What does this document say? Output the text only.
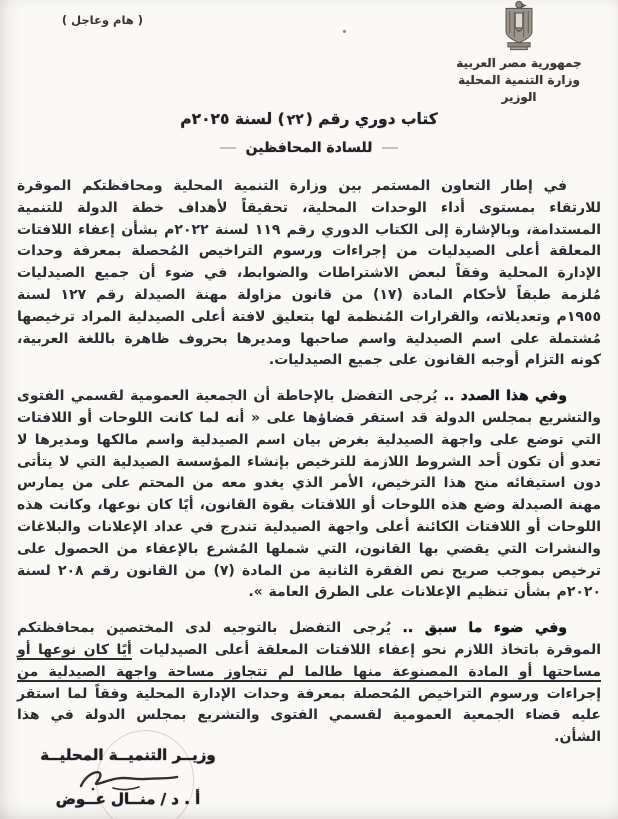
جمهورية مصر العربية
وزارة التنمية المحلية
الوزير
( هام وعاجل )
كتاب دوري رقم (٢٢) لسنة ٢٠٢٥م
للسادة المحافظين

في إطار التعاون المستمر بين وزارة التنمية المحلية ومحافظتكم الموقرة للارتقاء بمستوى أداء الوحدات المحلية، تحقيقاً لأهداف خطة الدولة للتنمية المستدامة، وبالإشارة إلى الكتاب الدوري رقم ١١٩ لسنة ٢٠٢٢م بشأن إعفاء اللافتات المعلقة أعلى الصيدليات من إجراءات ورسوم التراخيص المُحصلة بمعرفة وحدات الإدارة المحلية وفقاً لبعض الاشتراطات والضوابط، في ضوء أن جميع الصيدليات مُلزمة طبقاً لأحكام المادة (١٧) من قانون مزاولة مهنة الصيدلة رقم ١٢٧ لسنة ١٩٥٥م وتعديلاته، والقرارات المُنظمة لها بتعليق لافتة أعلى الصيدلية المراد ترخيصها مُشتملة على اسم الصيدلية واسم صاحبها ومديرها بحروف ظاهرة باللغة العربية، كونه التزام أوجبه القانون على جميع الصيدليات.

وفي هذا الصدد .. يُرجى التفضل بالإحاطة أن الجمعية العمومية لقسمي الفتوى والتشريع بمجلس الدولة قد استقر قضاؤها على « أنه لما كانت اللوحات أو اللافتات التي توضع على واجهة الصيدلية بغرض بيان اسم الصيدلية واسم مالكها ومديرها لا تعدو أن تكون أحد الشروط اللازمة للترخيص بإنشاء المؤسسة الصيدلية التي لا يتأتى دون استيفائه منح هذا الترخيص، الأمر الذي يغدو معه من المحتم على من يمارس مهنة الصيدلة وضع هذه اللوحات أو اللافتات بقوة القانون، أيًا كان نوعها، وكانت هذه اللوحات أو اللافتات الكائنة أعلى واجهة الصيدلية تندرج في عداد الإعلانات والبلاغات والنشرات التي يقضي بها القانون، التي شملها المُشرع بالإعفاء من الحصول على ترخيص بموجب صريح نص الفقرة الثانية من المادة (٧) من القانون رقم ٢٠٨ لسنة ٢٠٢٠م بشأن تنظيم الإعلانات على الطرق العامة ».

وفي ضوء ما سبق .. يُرجى التفضل بالتوجيه لدى المختصين بمحافظتكم الموقرة باتخاذ اللازم نحو إعفاء اللافتات المعلقة أعلى الصيدليات أيًا كان نوعها أو مساحتها أو المادة المصنوعة منها طالما لم تتجاوز مساحة واجهة الصيدلية من إجراءات ورسوم التراخيص المُحصلة بمعرفة وحدات الإدارة المحلية وفقاً لما استقر عليه قضاء الجمعية العمومية لقسمي الفتوى والتشريع بمجلس الدولة في هذا الشأن.

وزيــر التنميــة المحليــة
أ . د / منــال عــوض
